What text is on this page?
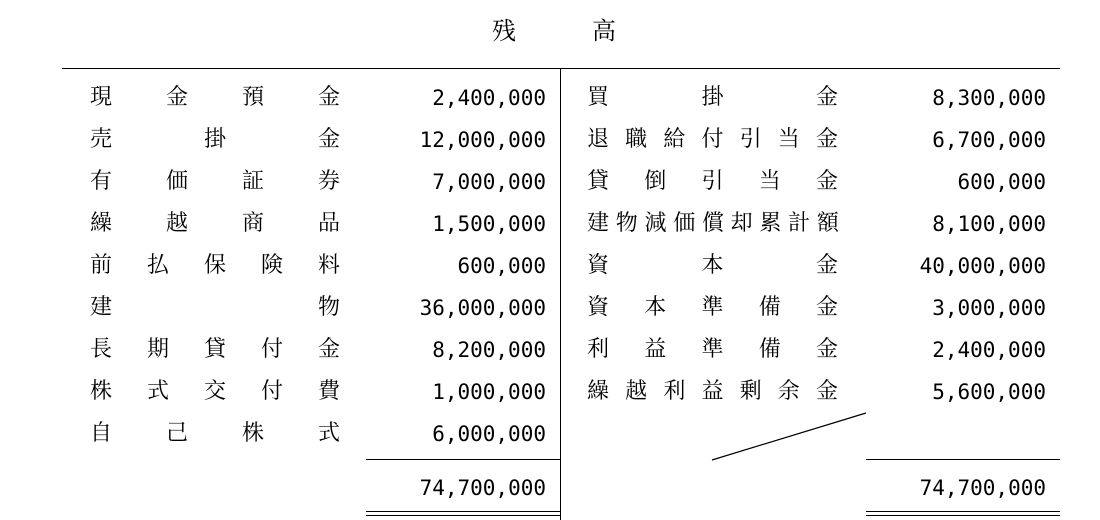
残	高
現 金 預 金	2,400,000 買	掛	金	8,300,000
売	掛	金	12,000,000 退 職 給 付 引 当 金	6,700,000
有 価 証 券	7,000,000 貸 倒 引 当 金	600,000
繰 越 商 品	1,500,000 建 物 減 価 償 却 累 計 額	8,100,000
前 払 保 険 料	600,000 資	本	金	40,000,000
建	物	36,000,000 資 本 準 備 金	3,000,000
長 期 貸 付 金	8,200,000 利 益 準 備 金	2,400,000
株 式 交 付 費	1,000,000 繰 越 利 益 剰 余 金	5,600,000
自 己 株 式	6,000,000
74,700,000	74,700,000
